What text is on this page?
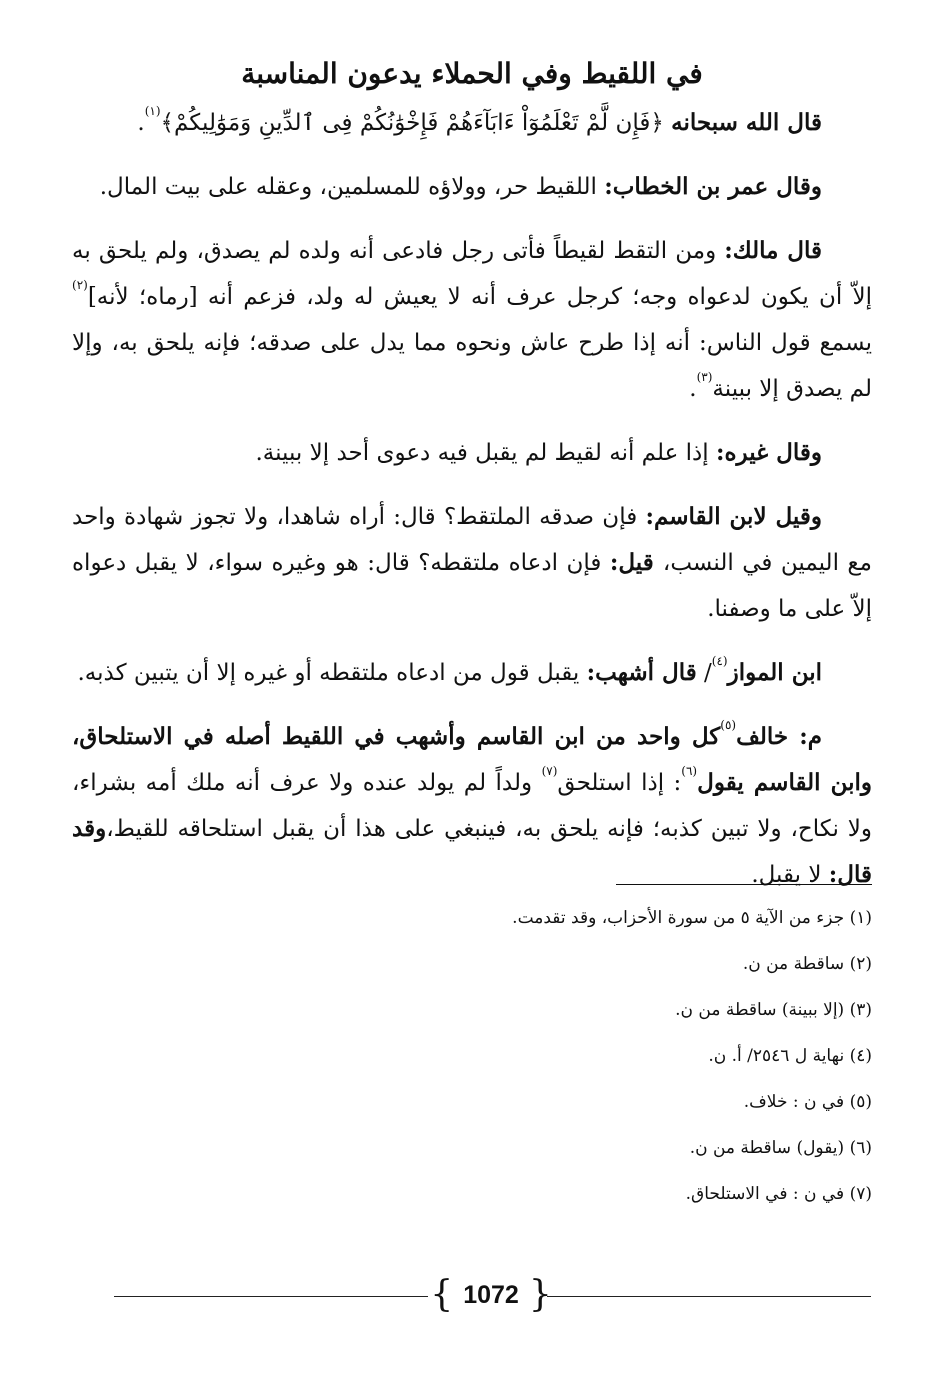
في اللقيط وفي الحملاء يدعون المناسبة

قال الله سبحانه ﴿فَإِن لَّمْ تَعْلَمُوٓاْ ءَابَآءَهُمْ فَإِخْوَٰنُكُمْ فِى ٱلدِّينِ وَمَوَٰلِيكُمْ﴾$^{(١)}$.

وقال عمر بن الخطاب: اللقيط حر، وولاؤه للمسلمين، وعقله على بيت المال.

قال مالك: ومن التقط لقيطاً فأتى رجل فادعى أنه ولده لم يصدق، ولم يلحق به إلاّ أن يكون لدعواه وجه؛ كرجل عرف أنه لا يعيش له ولد، فزعم أنه [رماه؛ لأنه]$^{(٢)}$ يسمع قول الناس: أنه إذا طرح عاش ونحوه مما يدل على صدقه؛ فإنه يلحق به، وإلا لم يصدق إلا ببينة$^{(٣)}$.

وقال غيره: إذا علم أنه لقيط لم يقبل فيه دعوى أحد إلا ببينة.

وقيل لابن القاسم: فإن صدقه الملتقط؟ قال: أراه شاهدا، ولا تجوز شهادة واحد مع اليمين في النسب، قيل: فإن ادعاه ملتقطه؟ قال: هو وغيره سواء، لا يقبل دعواه إلاّ على ما وصفنا.

ابن المواز$^{(٤)}$/ قال أشهب: يقبل قول من ادعاه ملتقطه أو غيره إلا أن يتبين كذبه.

م: خالف$^{(٥)}$كل واحد من ابن القاسم وأشهب في اللقيط أصله في الاستلحاق، وابن القاسم يقول$^{(٦)}$: إذا استلحق$^{(٧)}$ ولداً لم يولد عنده ولا عرف أنه ملك أمه بشراء، ولا نكاح، ولا تبين كذبه؛ فإنه يلحق به، فينبغي على هذا أن يقبل استلحاقه للقيط،وقد قال: لا يقبل.

(١) جزء من الآية ٥ من سورة الأحزاب، وقد تقدمت.
(٢) ساقطة من ن.
(٣) (إلا ببينة) ساقطة من ن.
(٤) نهاية ل ٢٥٤٦/ أ. ن.
(٥) في ن : خلاف.
(٦) (يقول) ساقطة من ن.
(٧) في ن : في الاستلحاق.
{ 1072 }
